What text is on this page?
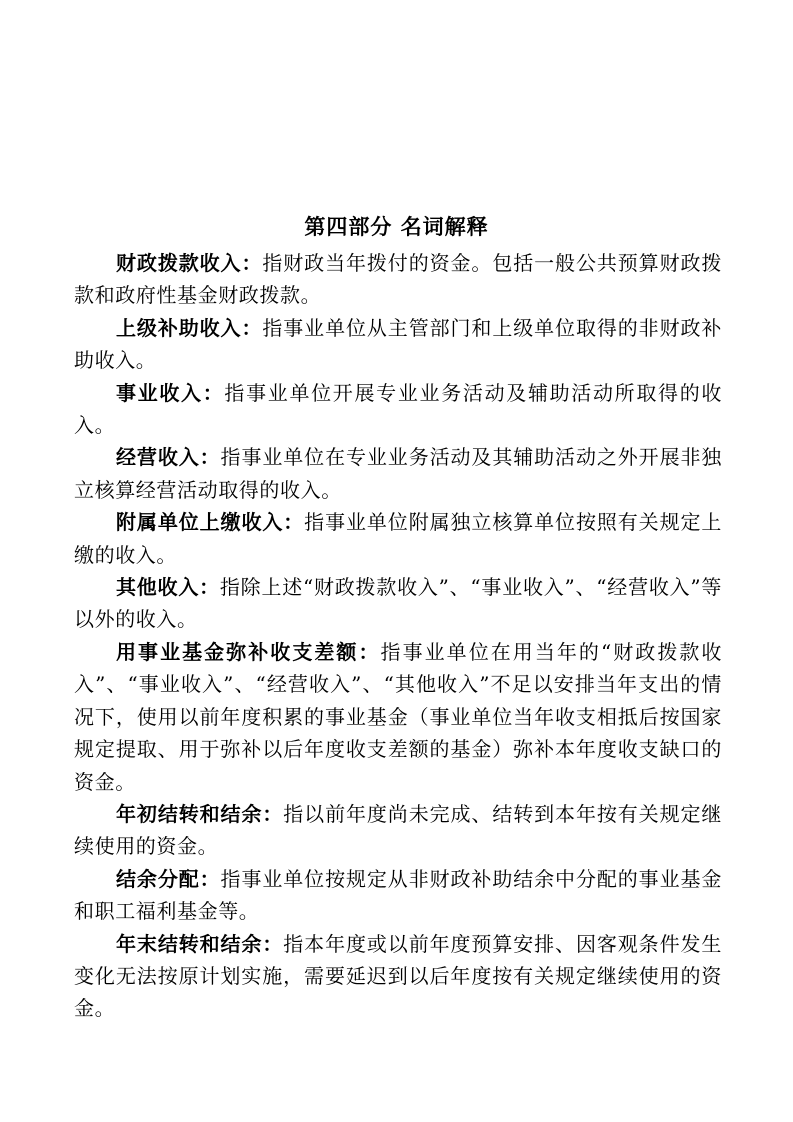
第四部分 名词解释

财政拨款收入：指财政当年拨付的资金。包括一般公共预算财政拨款和政府性基金财政拨款。

上级补助收入：指事业单位从主管部门和上级单位取得的非财政补助收入。

事业收入：指事业单位开展专业业务活动及辅助活动所取得的收入。

经营收入：指事业单位在专业业务活动及其辅助活动之外开展非独立核算经营活动取得的收入。

附属单位上缴收入：指事业单位附属独立核算单位按照有关规定上缴的收入。

其他收入：指除上述“财政拨款收入”、“事业收入”、“经营收入”等以外的收入。

用事业基金弥补收支差额：指事业单位在用当年的“财政拨款收入”、“事业收入”、“经营收入”、“其他收入”不足以安排当年支出的情况下，使用以前年度积累的事业基金（事业单位当年收支相抵后按国家规定提取、用于弥补以后年度收支差额的基金）弥补本年度收支缺口的资金。

年初结转和结余：指以前年度尚未完成、结转到本年按有关规定继续使用的资金。

结余分配：指事业单位按规定从非财政补助结余中分配的事业基金和职工福利基金等。

年末结转和结余：指本年度或以前年度预算安排、因客观条件发生变化无法按原计划实施，需要延迟到以后年度按有关规定继续使用的资金。
